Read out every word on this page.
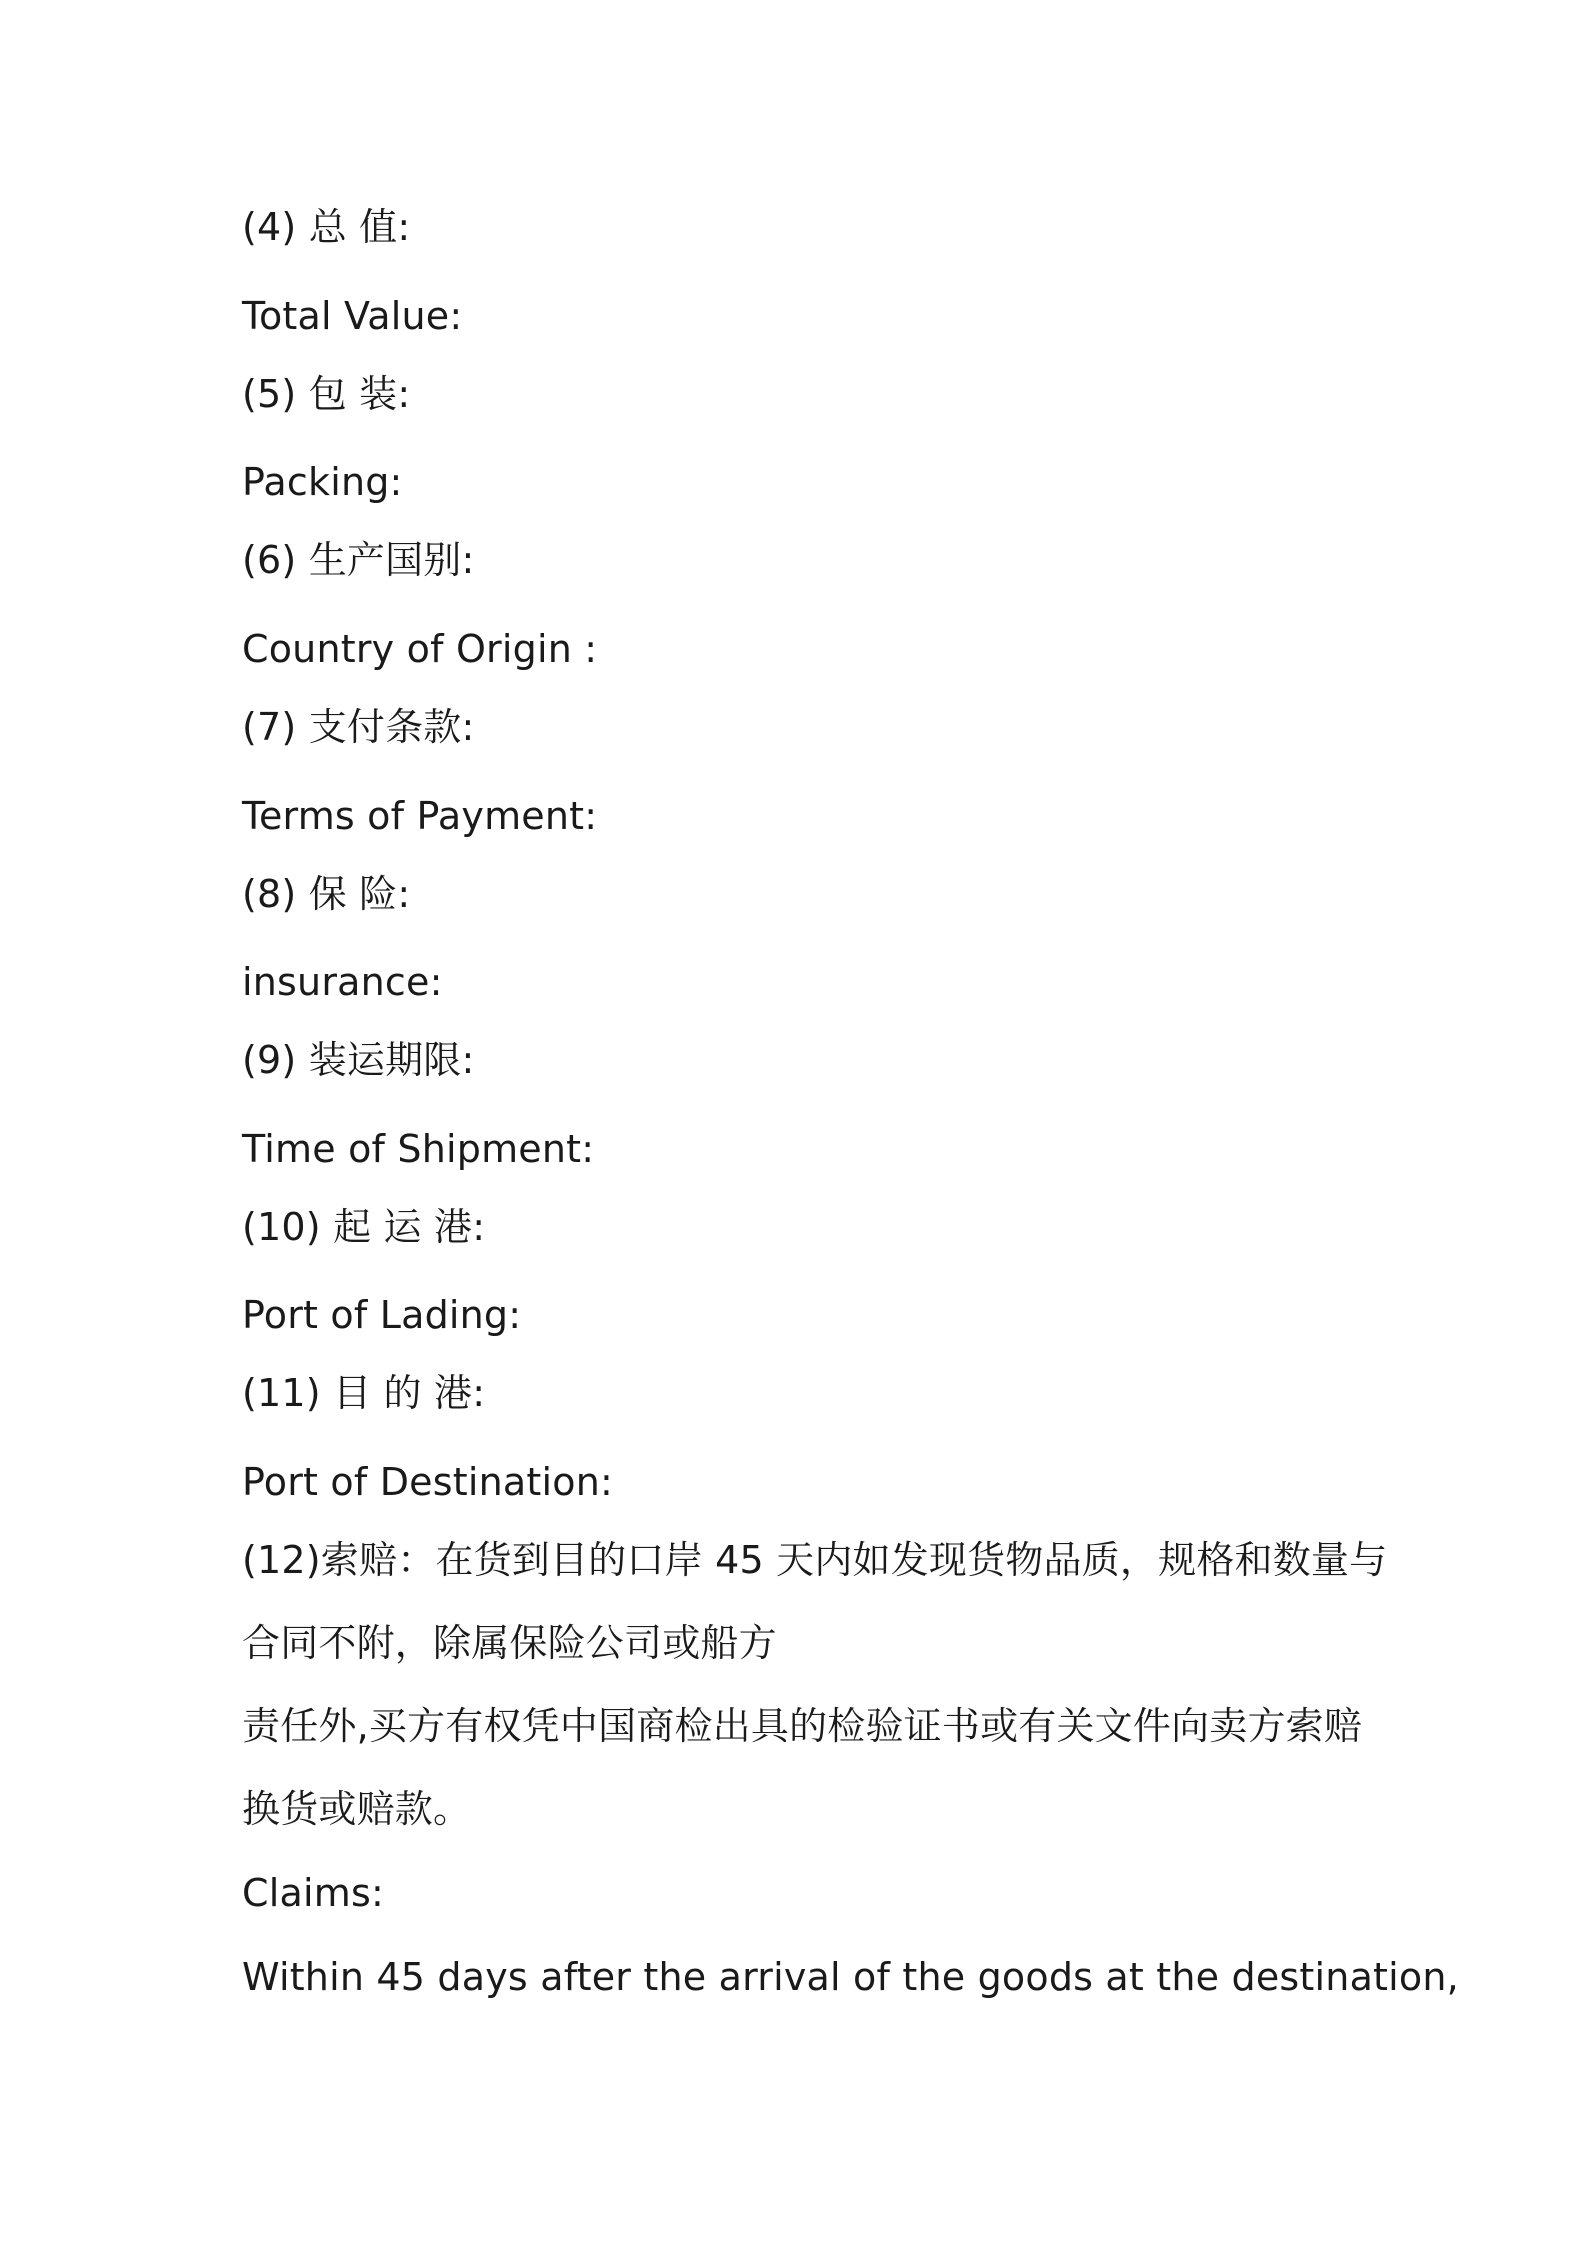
(4) 总 值:
Total Value:
(5) 包 装:
Packing:
(6) 生产国别:
Country of Origin :
(7) 支付条款:
Terms of Payment:
(8) 保 险:
insurance:
(9) 装运期限:
Time of Shipment:
(10) 起 运 港:
Port of Lading:
(11) 目 的 港:
Port of Destination:
(12)索赔：在货到目的口岸 45 天内如发现货物品质，规格和数量与
合同不附，除属保险公司或船方
责任外,买方有权凭中国商检出具的检验证书或有关文件向卖方索赔
换货或赔款。
Claims:
Within 45 days after the arrival of the goods at the destination,
